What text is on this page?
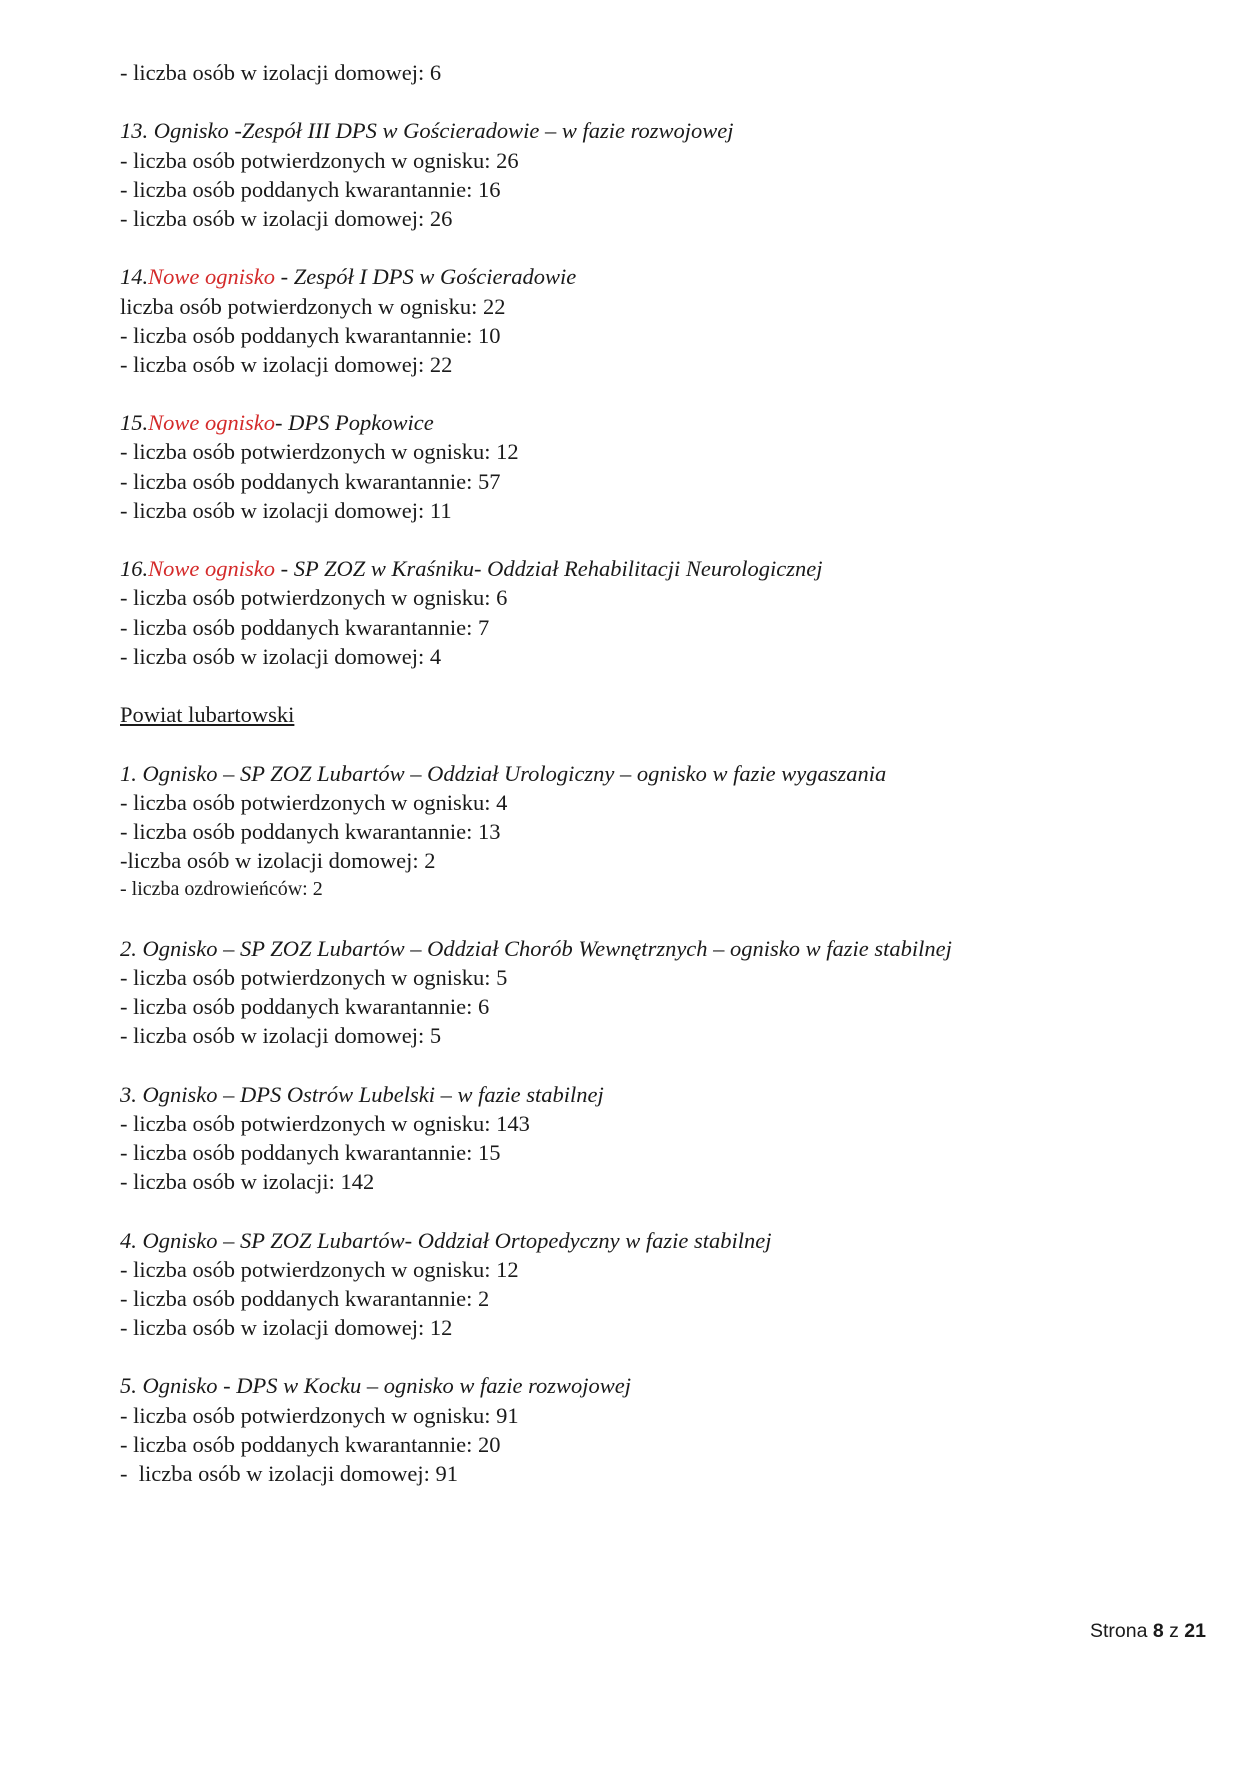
- liczba osób w izolacji domowej: 6
13. Ognisko -Zespół III DPS w Gościeradowie – w fazie rozwojowej
- liczba osób potwierdzonych w ognisku: 26
- liczba osób poddanych kwarantannie: 16
- liczba osób w izolacji domowej: 26
14.Nowe ognisko - Zespół I DPS w Gościeradowie
liczba osób potwierdzonych w ognisku: 22
- liczba osób poddanych kwarantannie: 10
- liczba osób w izolacji domowej: 22
15.Nowe ognisko- DPS Popkowice
- liczba osób potwierdzonych w ognisku: 12
- liczba osób poddanych kwarantannie: 57
- liczba osób w izolacji domowej: 11
16.Nowe ognisko - SP ZOZ w Kraśniku- Oddział Rehabilitacji Neurologicznej
- liczba osób potwierdzonych w ognisku: 6
- liczba osób poddanych kwarantannie: 7
- liczba osób w izolacji domowej: 4
Powiat lubartowski
1. Ognisko – SP ZOZ Lubartów – Oddział Urologiczny – ognisko w fazie wygaszania
- liczba osób potwierdzonych w ognisku: 4
- liczba osób poddanych kwarantannie: 13
-liczba osób w izolacji domowej: 2
- liczba ozdrowieńców: 2
2. Ognisko – SP ZOZ Lubartów – Oddział Chorób Wewnętrznych – ognisko w fazie stabilnej
- liczba osób potwierdzonych w ognisku: 5
- liczba osób poddanych kwarantannie: 6
- liczba osób w izolacji domowej: 5
3. Ognisko – DPS Ostrów Lubelski – w fazie stabilnej
- liczba osób potwierdzonych w ognisku: 143
- liczba osób poddanych kwarantannie: 15
- liczba osób w izolacji: 142
4. Ognisko – SP ZOZ Lubartów- Oddział Ortopedyczny w fazie stabilnej
- liczba osób potwierdzonych w ognisku: 12
- liczba osób poddanych kwarantannie: 2
- liczba osób w izolacji domowej: 12
5. Ognisko - DPS w Kocku – ognisko w fazie rozwojowej
- liczba osób potwierdzonych w ognisku: 91
- liczba osób poddanych kwarantannie: 20
-  liczba osób w izolacji domowej: 91
Strona 8 z 21
